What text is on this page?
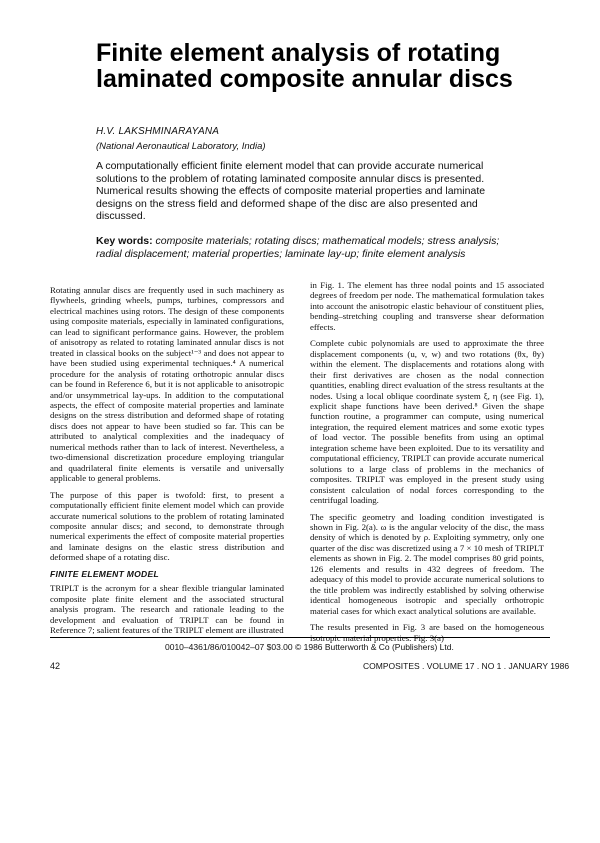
Finite element analysis of rotating laminated composite annular discs
H.V. LAKSHMINARAYANA
(National Aeronautical Laboratory, India)

A computationally efficient finite element model that can provide accurate numerical solutions to the problem of rotating laminated composite annular discs is presented. Numerical results showing the effects of composite material properties and laminate designs on the stress field and deformed shape of the disc are also presented and discussed.

Key words: composite materials; rotating discs; mathematical models; stress analysis; radial displacement; material properties; laminate lay-up; finite element analysis

Rotating annular discs are frequently used in such machinery as flywheels, grinding wheels, pumps, turbines, compressors and electrical machines using rotors. The design of these components using composite materials, especially in laminated configurations, can lead to significant performance gains. However, the problem of anisotropy as related to rotating laminated annular discs is not treated in classical books on the subject¹⁻³ and does not appear to have been studied using experimental techniques.⁴ A numerical procedure for the analysis of rotating orthotropic annular discs can be found in Reference 6, but it is not applicable to anisotropic and/or unsymmetrical lay-ups. In addition to the computational aspects, the effect of composite material properties and laminate designs on the stress distribution and deformed shape of rotating discs does not appear to have been studied so far. This can be attributed to analytical complexities and the inadequacy of numerical methods rather than to lack of interest. Nevertheless, a two-dimensional discretization procedure employing triangular and quadrilateral finite elements is versatile and universally applicable to general problems.

The purpose of this paper is twofold: first, to present a computationally efficient finite element model which can provide accurate numerical solutions to the problem of rotating laminated composite annular discs; and second, to demonstrate through numerical experiments the effect of composite material properties and laminate designs on the elastic stress distribution and deformed shape of a rotating disc.

FINITE ELEMENT MODEL

TRIPLT is the acronym for a shear flexible triangular laminated composite plate finite element and the associated structural analysis program. The research and rationale leading to the development and evaluation of TRIPLT can be found in Reference 7; salient features of the TRIPLT element are illustrated

in Fig. 1. The element has three nodal points and 15 associated degrees of freedom per node. The mathematical formulation takes into account the anisotropic elastic behaviour of constituent plies, bending–stretching coupling and transverse shear deformation effects.

Complete cubic polynomials are used to approximate the three displacement components (u, v, w) and two rotations (θx, θy) within the element. The displacements and rotations along with their first derivatives are chosen as the nodal connection quantities, enabling direct evaluation of the stress resultants at the nodes. Using a local oblique coordinate system ξ, η (see Fig. 1), explicit shape functions have been derived.⁸ Given the shape function routine, a programmer can compute, using numerical integration, the required element matrices and some exotic types of load vector. The possible benefits from using an optimal integration scheme have been exploited. Due to its versatility and computational efficiency, TRIPLT can provide accurate numerical solutions to a large class of problems in the mechanics of composites. TRIPLT was employed in the present study using consistent calculation of nodal forces corresponding to the centrifugal loading.

The specific geometry and loading condition investigated is shown in Fig. 2(a). ω is the angular velocity of the disc, the mass density of which is denoted by ρ. Exploiting symmetry, only one quarter of the disc was discretized using a 7 × 10 mesh of TRIPLT elements as shown in Fig. 2. The model comprises 80 grid points, 126 elements and results in 432 degrees of freedom. The adequacy of this model to provide accurate numerical solutions to the title problem was indirectly established by solving otherwise identical homogeneous isotropic and specially orthotropic material cases for which exact analytical solutions are available.

The results presented in Fig. 3 are based on the homogeneous

0010–4361/86/010042–07 $03.00 © 1986 Butterworth & Co (Publishers) Ltd.
42	COMPOSITES . VOLUME 17 . NO 1 . JANUARY 1986
